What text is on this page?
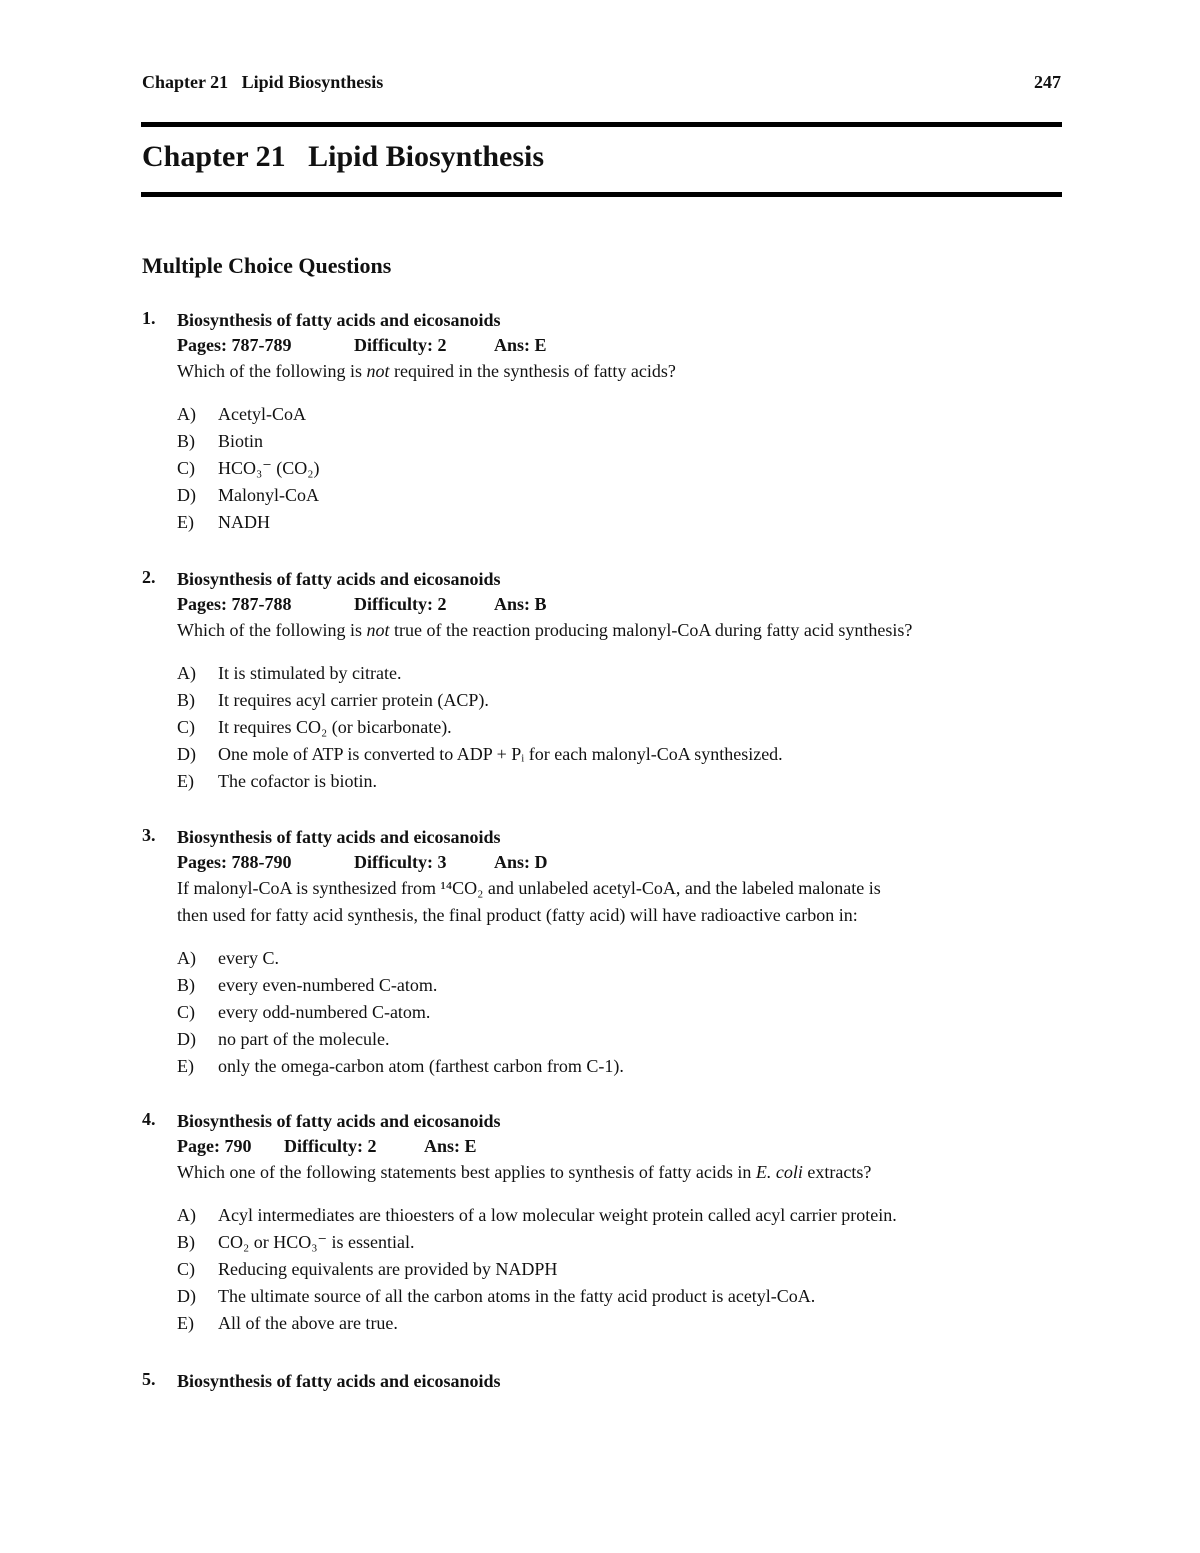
Chapter 21   Lipid Biosynthesis	247
Chapter 21   Lipid Biosynthesis
Multiple Choice Questions
1. Biosynthesis of fatty acids and eicosanoids
Pages: 787-789	Difficulty: 2	Ans: E
Which of the following is not required in the synthesis of fatty acids?
A)	Acetyl-CoA
B)	Biotin
C)	HCO₃⁻ (CO₂)
D)	Malonyl-CoA
E)	NADH
2. Biosynthesis of fatty acids and eicosanoids
Pages: 787-788	Difficulty: 2	Ans: B
Which of the following is not true of the reaction producing malonyl-CoA during fatty acid synthesis?
A)	It is stimulated by citrate.
B)	It requires acyl carrier protein (ACP).
C)	It requires CO₂ (or bicarbonate).
D)	One mole of ATP is converted to ADP + Pᵢ for each malonyl-CoA synthesized.
E)	The cofactor is biotin.
3. Biosynthesis of fatty acids and eicosanoids
Pages: 788-790	Difficulty: 3	Ans: D
If malonyl-CoA is synthesized from ¹⁴CO₂ and unlabeled acetyl-CoA, and the labeled malonate is
then used for fatty acid synthesis, the final product (fatty acid) will have radioactive carbon in:
A)	every C.
B)	every even-numbered C-atom.
C)	every odd-numbered C-atom.
D)	no part of the molecule.
E)	only the omega-carbon atom (farthest carbon from C-1).
4. Biosynthesis of fatty acids and eicosanoids
Page: 790 Difficulty: 2	Ans: E
Which one of the following statements best applies to synthesis of fatty acids in E. coli extracts?
A)	Acyl intermediates are thioesters of a low molecular weight protein called acyl carrier protein.
B)	CO₂ or HCO₃⁻ is essential.
C)	Reducing equivalents are provided by NADPH
D)	The ultimate source of all the carbon atoms in the fatty acid product is acetyl-CoA.
E)	All of the above are true.
5. Biosynthesis of fatty acids and eicosanoids
